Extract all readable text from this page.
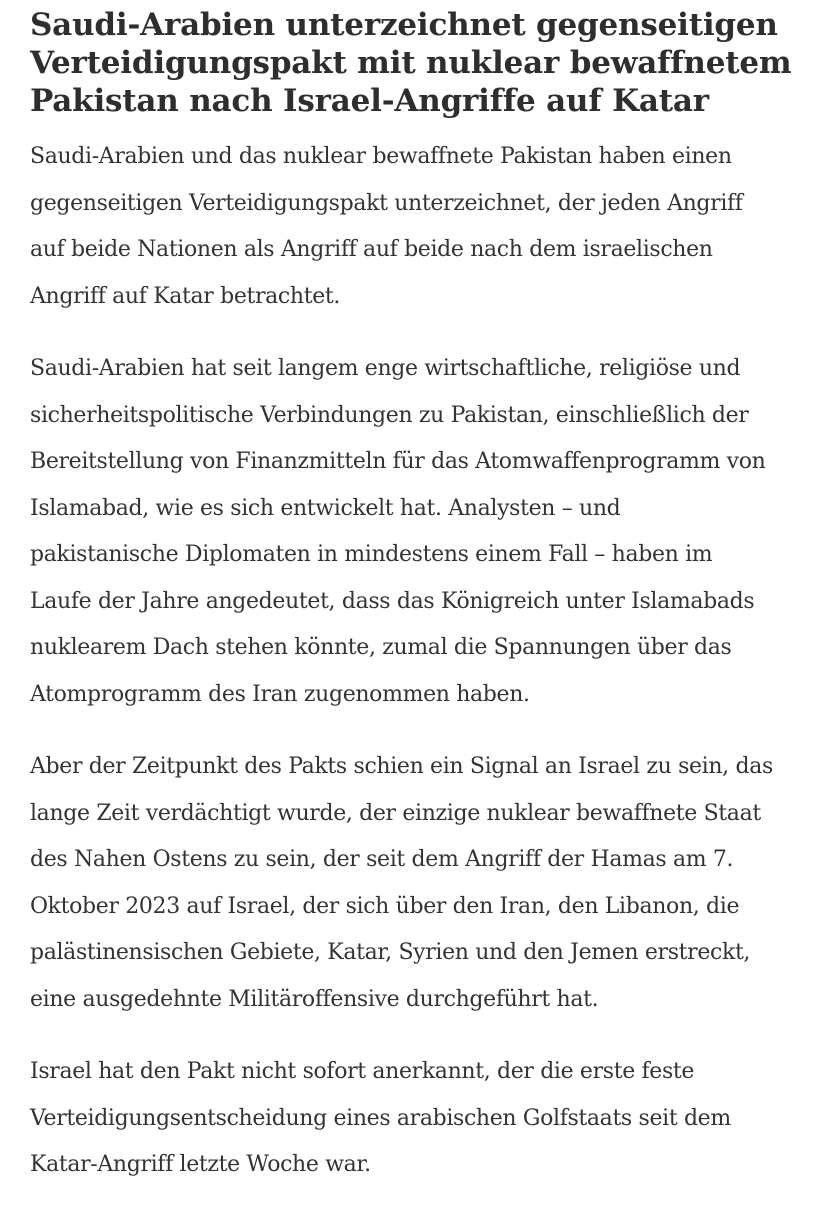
Saudi-Arabien unterzeichnet gegenseitigen
Verteidigungspakt mit nuklear bewaffnetem
Pakistan nach Israel-Angriffe auf Katar

Saudi-Arabien und das nuklear bewaffnete Pakistan haben einen
gegenseitigen Verteidigungspakt unterzeichnet, der jeden Angriff
auf beide Nationen als Angriff auf beide nach dem israelischen
Angriff auf Katar betrachtet.

Saudi-Arabien hat seit langem enge wirtschaftliche, religiöse und
sicherheitspolitische Verbindungen zu Pakistan, einschließlich der
Bereitstellung von Finanzmitteln für das Atomwaffenprogramm von
Islamabad, wie es sich entwickelt hat. Analysten – und
pakistanische Diplomaten in mindestens einem Fall – haben im
Laufe der Jahre angedeutet, dass das Königreich unter Islamabads
nuklearem Dach stehen könnte, zumal die Spannungen über das
Atomprogramm des Iran zugenommen haben.

Aber der Zeitpunkt des Pakts schien ein Signal an Israel zu sein, das
lange Zeit verdächtigt wurde, der einzige nuklear bewaffnete Staat
des Nahen Ostens zu sein, der seit dem Angriff der Hamas am 7.
Oktober 2023 auf Israel, der sich über den Iran, den Libanon, die
palästinensischen Gebiete, Katar, Syrien und den Jemen erstreckt,
eine ausgedehnte Militäroffensive durchgeführt hat.

Israel hat den Pakt nicht sofort anerkannt, der die erste feste
Verteidigungsentscheidung eines arabischen Golfstaats seit dem
Katar-Angriff letzte Woche war.
